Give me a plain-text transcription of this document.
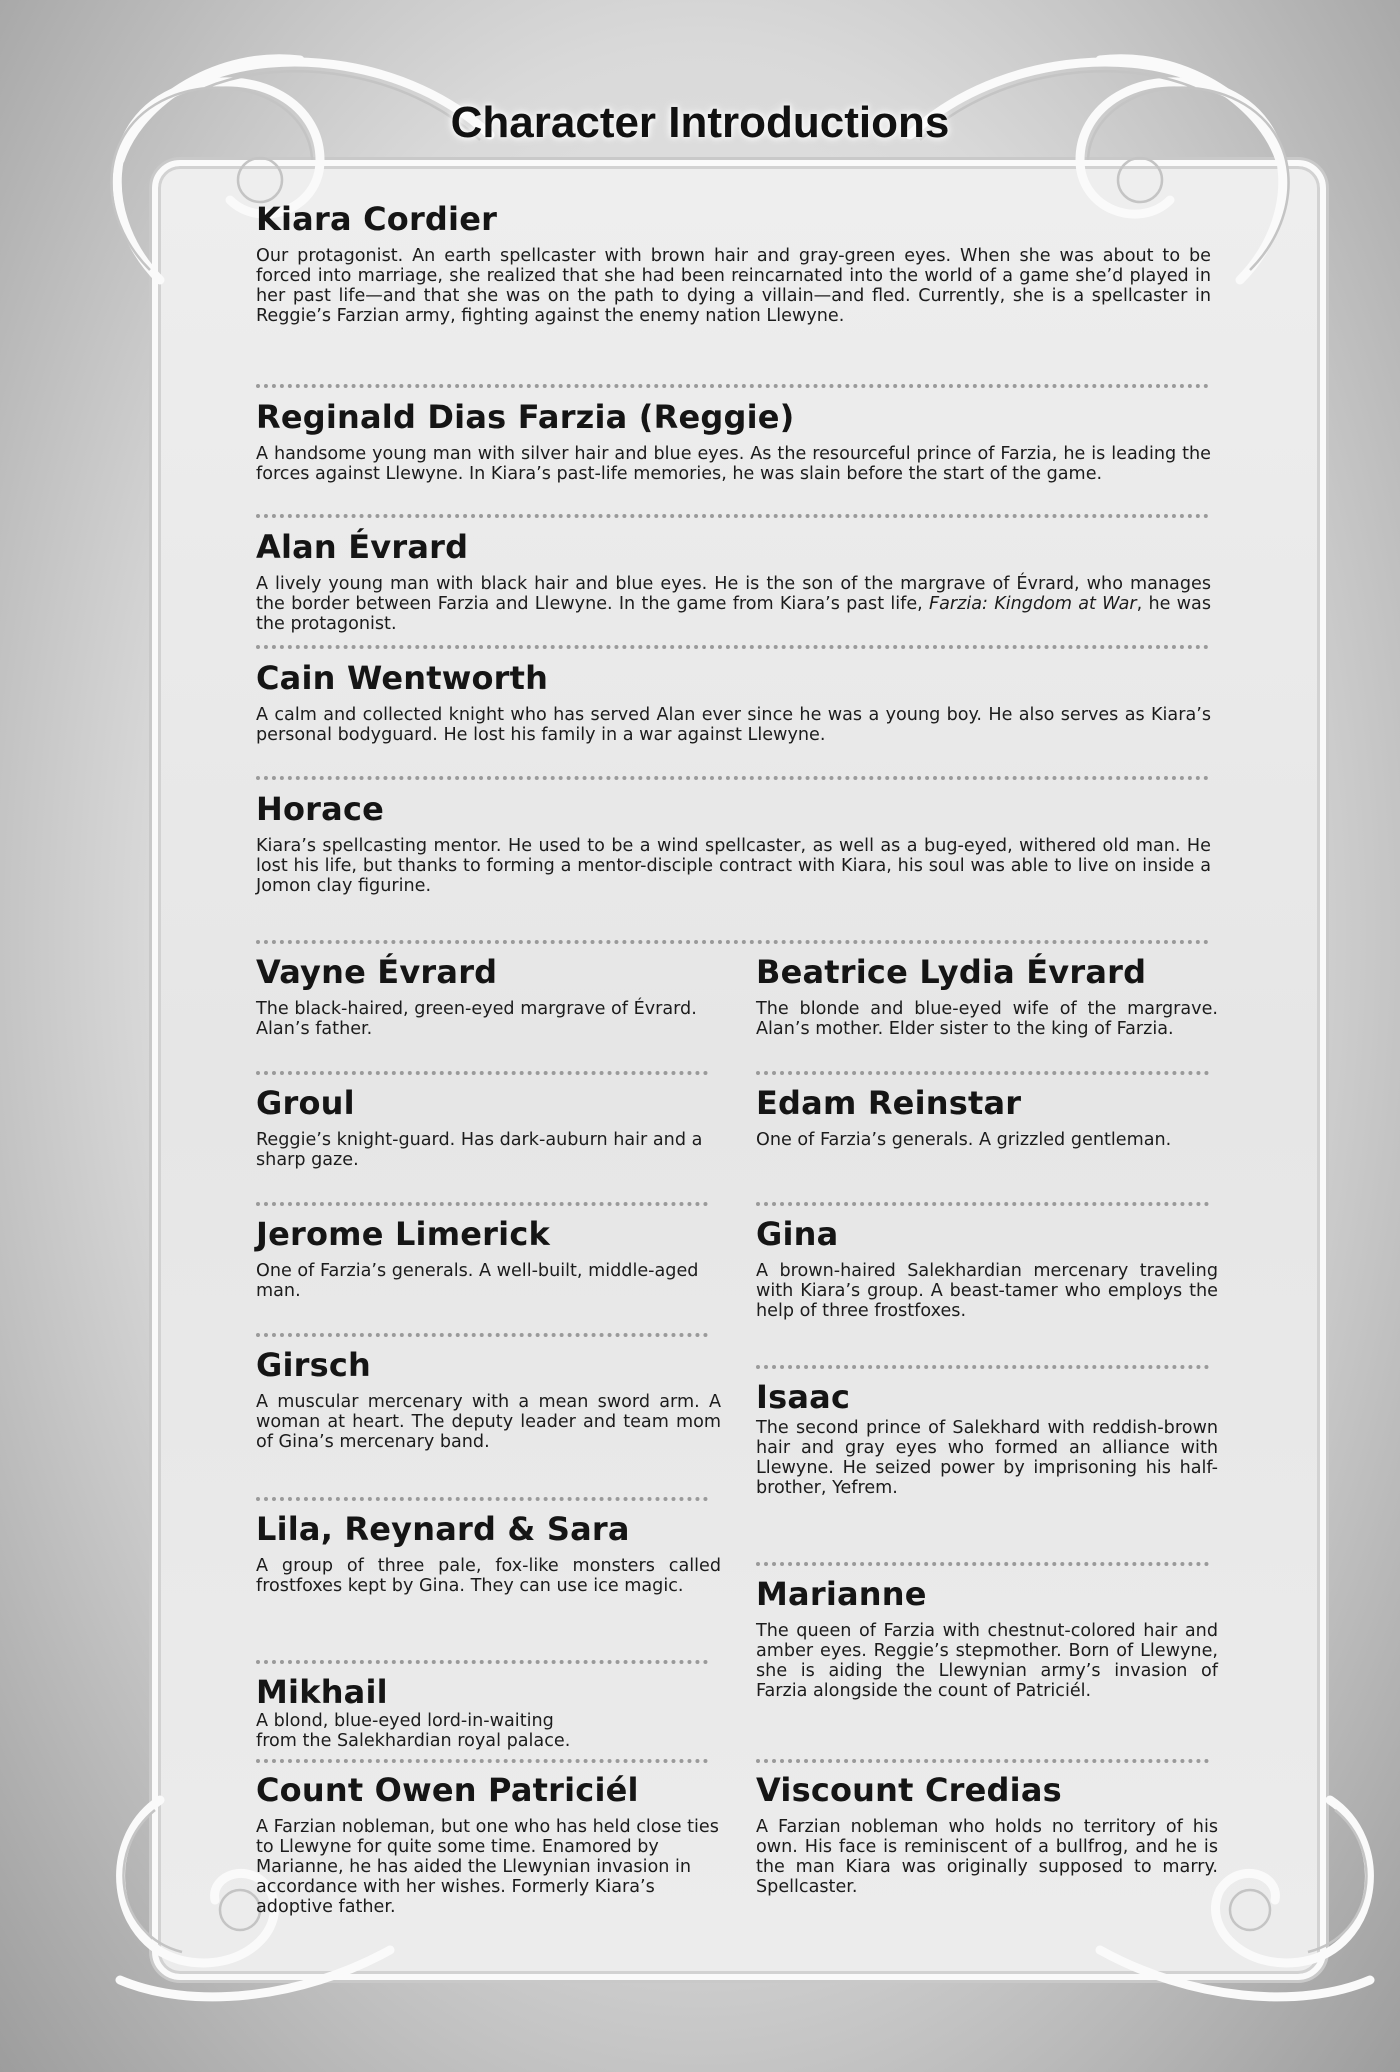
Character Introductions
Kiara Cordier

Our protagonist. An earth spellcaster with brown hair and gray-green eyes. When she was about to be forced into marriage, she realized that she had been reincarnated into the world of a game she’d played in her past life—and that she was on the path to dying a villain—and fled. Currently, she is a spellcaster in Reggie’s Farzian army, fighting against the enemy nation Llewyne.

Reginald Dias Farzia (Reggie)

A handsome young man with silver hair and blue eyes. As the resourceful prince of Farzia, he is leading the forces against Llewyne. In Kiara’s past-life memories, he was slain before the start of the game.

Alan Évrard

A lively young man with black hair and blue eyes. He is the son of the margrave of Évrard, who manages the border between Farzia and Llewyne. In the game from Kiara’s past life, Farzia: Kingdom at War, he was the protagonist.

Cain Wentworth

A calm and collected knight who has served Alan ever since he was a young boy. He also serves as Kiara’s personal bodyguard. He lost his family in a war against Llewyne.

Horace

Kiara’s spellcasting mentor. He used to be a wind spellcaster, as well as a bug-eyed, withered old man. He lost his life, but thanks to forming a mentor-disciple contract with Kiara, his soul was able to live on inside a Jomon clay figurine.

Vayne Évrard

The black-haired, green-eyed margrave of Évrard. Alan’s father.

Groul

Reggie’s knight-guard. Has dark-auburn hair and a sharp gaze.

Jerome Limerick

One of Farzia’s generals. A well-built, middle-aged man.

Girsch

A muscular mercenary with a mean sword arm. A woman at heart. The deputy leader and team mom of Gina’s mercenary band.

Lila, Reynard & Sara

A group of three pale, fox-like monsters called frostfoxes kept by Gina. They can use ice magic.

Mikhail

A blond, blue-eyed lord-in-waiting from the Salekhardian royal palace.

Count Owen Patriciél

A Farzian nobleman, but one who has held close ties to Llewyne for quite some time. Enamored by Marianne, he has aided the Llewynian invasion in accordance with her wishes. Formerly Kiara’s adoptive father.

Beatrice Lydia Évrard

The blonde and blue-eyed wife of the margrave. Alan’s mother. Elder sister to the king of Farzia.

Edam Reinstar

One of Farzia’s generals. A grizzled gentleman.

Gina

A brown-haired Salekhardian mercenary traveling with Kiara’s group. A beast-tamer who employs the help of three frostfoxes.

Isaac

The second prince of Salekhard with reddish-brown hair and gray eyes who formed an alliance with Llewyne. He seized power by imprisoning his half-brother, Yefrem.

Marianne

The queen of Farzia with chestnut-colored hair and amber eyes. Reggie’s stepmother. Born of Llewyne, she is aiding the Llewynian army’s invasion of Farzia alongside the count of Patriciél.

Viscount Credias

A Farzian nobleman who holds no territory of his own. His face is reminiscent of a bullfrog, and he is the man Kiara was originally supposed to marry. Spellcaster.
